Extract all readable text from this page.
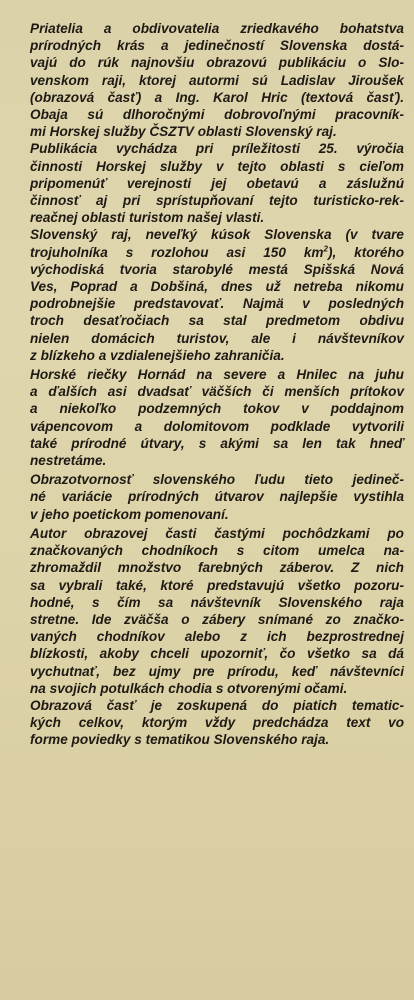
Priatelia a obdivovatelia zriedkavého bohatstva
prírodných krás a jedinečností Slovenska dostá-
vajú do rúk najnovšiu obrazovú publikáciu o Slo-
venskom raji, ktorej autormi sú Ladislav Jiroušek
(obrazová časť) a Ing. Karol Hric (textová časť).
Obaja sú dlhoročnými dobrovoľnými pracovník-
mi Horskej služby ČSZTV oblasti Slovenský raj.

Publikácia vychádza pri príležitosti 25. výročia
činnosti Horskej služby v tejto oblasti s cieľom
pripomenúť verejnosti jej obetavú a záslužnú
činnosť aj pri sprístupňovaní tejto turisticko-rek-
reačnej oblasti turistom našej vlasti.

Slovenský raj, neveľký kúsok Slovenska (v tvare
trojuholníka s rozlohou asi 150 $km^2$), ktorého
východiská tvoria starobylé mestá Spišská Nová
Ves, Poprad a Dobšiná, dnes už netreba nikomu
podrobnejšie predstavovať. Najmä v posledných
troch desaťročiach sa stal predmetom obdivu
nielen domácich turistov, ale i návštevníkov
z blízkeho a vzdialenejšieho zahraničia.

Horské riečky Hornád na severe a Hnilec na juhu
a ďalších asi dvadsať väčších či menších prítokov
a niekoľko podzemných tokov v poddajnom
vápencovom a dolomitovom podklade vytvorili
také prírodné útvary, s akými sa len tak hneď
nestretáme.

Obrazotvornosť slovenského ľudu tieto jedineč-
né variácie prírodných útvarov najlepšie vystihla
v jeho poetickom pomenovaní.

Autor obrazovej časti častými pochôdzkami po
značkovaných chodníkoch s citom umelca na-
zhromaždil množstvo farebných záberov. Z nich
sa vybrali také, ktoré predstavujú všetko pozoru-
hodné, s čím sa návštevník Slovenského raja
stretne. Ide zväčša o zábery snímané zo značko-
vaných chodníkov alebo z ich bezprostrednej
blízkosti, akoby chceli upozorniť, čo všetko sa dá
vychutnať, bez ujmy pre prírodu, keď návštevníci
na svojich potulkách chodia s otvorenými očami.

Obrazová časť je zoskupená do piatich tematic-
kých celkov, ktorým vždy predchádza text vo
forme poviedky s tematikou Slovenského raja.
